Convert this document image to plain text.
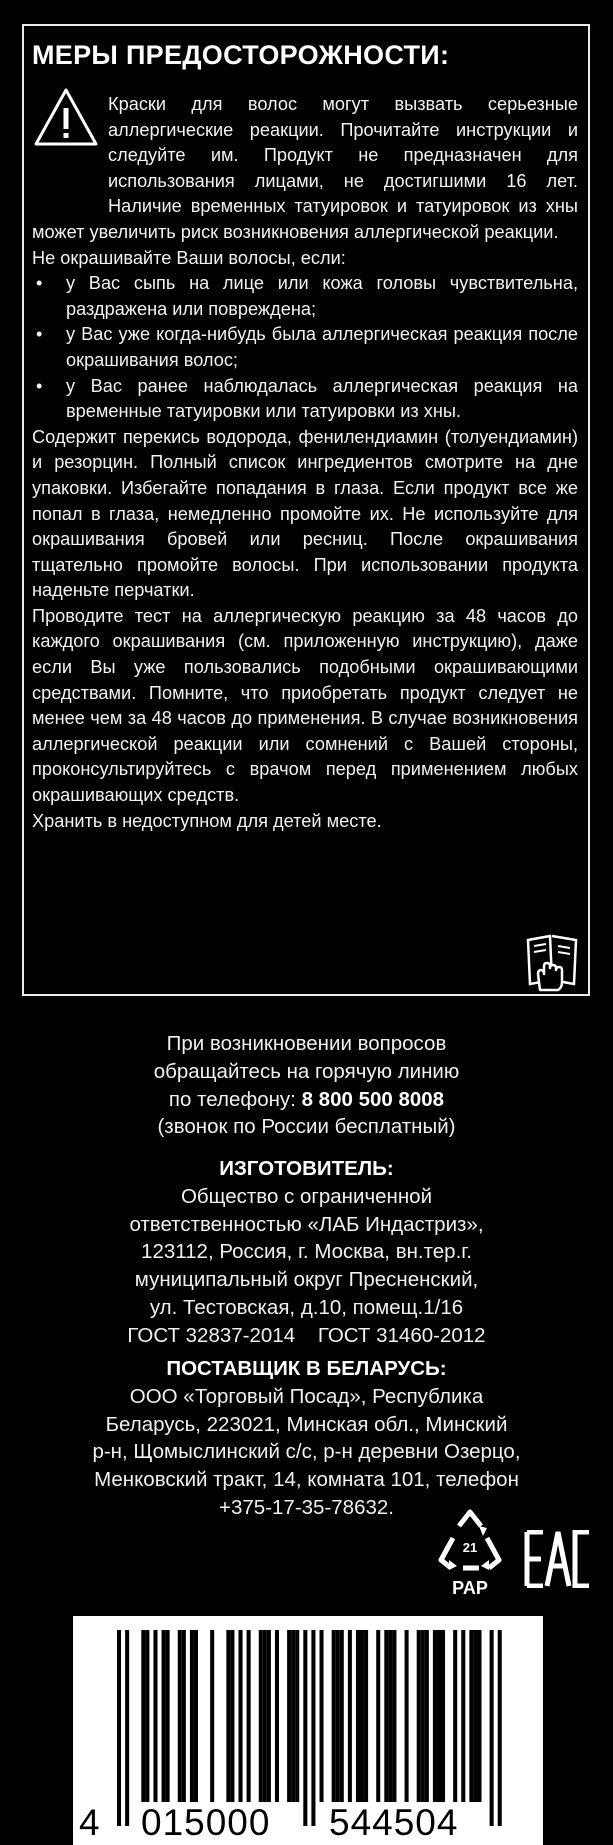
МЕРЫ ПРЕДОСТОРОЖНОСТИ:

Краски для волос могут вызвать серьезные аллергические реакции. Прочитайте инструкции и следуйте им. Продукт не предназначен для использования лицами, не достигшими 16 лет. Наличие временных татуировок и татуировок из хны может увеличить риск возникновения аллергической реакции.

Не окрашивайте Ваши волосы, если:

• у Вас сыпь на лице или кожа головы чувствительна, раздражена или повреждена;
• у Вас уже когда-нибудь была аллергическая реакция после окрашивания волос;
• у Вас ранее наблюдалась аллергическая реакция на временные татуировки или татуировки из хны.

Содержит перекись водорода, фенилендиамин (толуендиамин) и резорцин. Полный список ингредиентов смотрите на дне упаковки. Избегайте попадания в глаза. Если продукт все же попал в глаза, немедленно промойте их. Не используйте для окрашивания бровей или ресниц. После окрашивания тщательно промойте волосы. При использовании продукта наденьте перчатки.

Проводите тест на аллергическую реакцию за 48 часов до каждого окрашивания (см. приложенную инструкцию), даже если Вы уже пользовались подобными окрашивающими средствами. Помните, что приобретать продукт следует не менее чем за 48 часов до применения. В случае возникновения аллергической реакции или сомнений с Вашей стороны, проконсультируйтесь с врачом перед применением любых окрашивающих средств.

Хранить в недоступном для детей месте.

При возникновении вопросов

обращайтесь на горячую линию

по телефону: 8 800 500 8008

(звонок по России бесплатный)

ИЗГОТОВИТЕЛЬ:

Общество с ограниченной

ответственностью «ЛАБ Индастриз»,

123112, Россия, г. Москва, вн.тер.г.

муниципальный округ Пресненский,

ул. Тестовская, д.10, помещ.1/16

ГОСТ 32837-2014    ГОСТ 31460-2012

ПОСТАВЩИК В БЕЛАРУСЬ:

ООО «Торговый Посад», Республика

Беларусь, 223021, Минская обл., Минский

р-н, Щомыслинский с/с, р-н деревни Озерцо,

Менковский тракт, 14, комната 101, телефон

+375-17-35-78632.

21
PAP
4 015000 544504
